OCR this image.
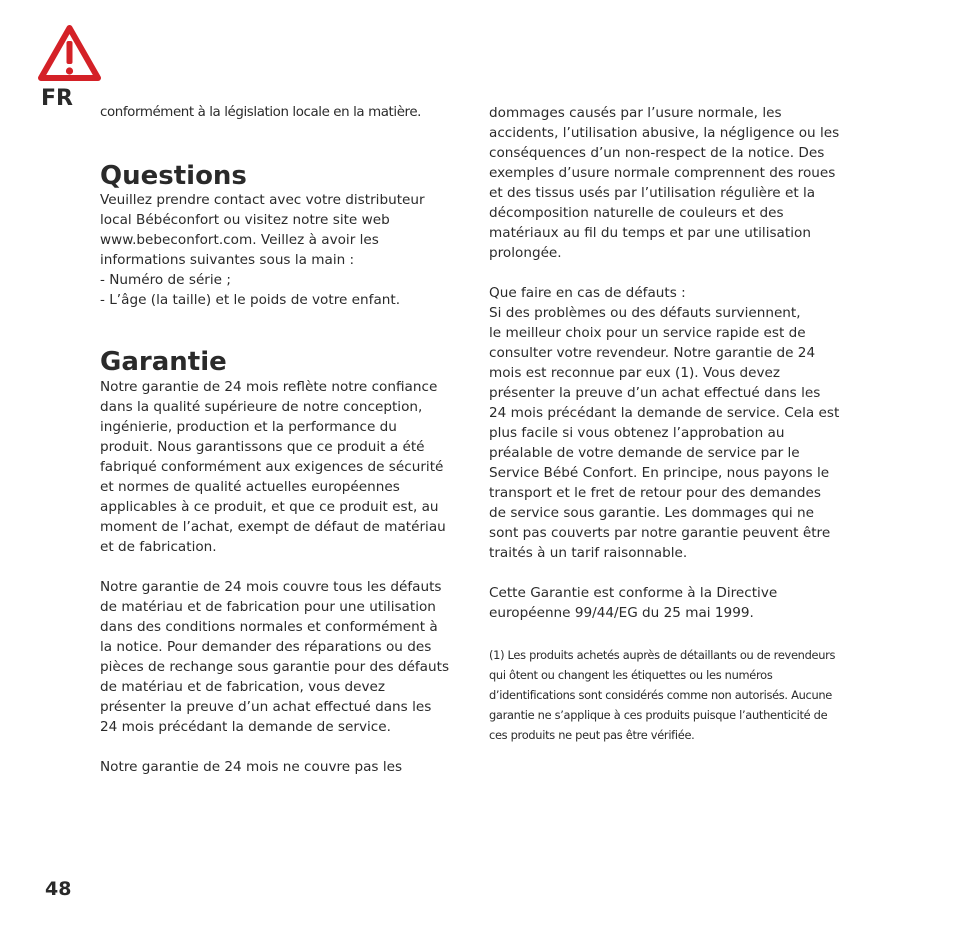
FR
conformément à la législation locale en la matière.
Questions
Veuillez prendre contact avec votre distributeur
local Bébéconfort ou visitez notre site web
www.bebeconfort.com. Veillez à avoir les
informations suivantes sous la main :
- Numéro de série ;
- L’âge (la taille) et le poids de votre enfant.
Garantie
Notre garantie de 24 mois reflète notre confiance
dans la qualité supérieure de notre conception,
ingénierie, production et la performance du
produit. Nous garantissons que ce produit a été
fabriqué conformément aux exigences de sécurité
et normes de qualité actuelles européennes
applicables à ce produit, et que ce produit est, au
moment de l’achat, exempt de défaut de matériau
et de fabrication.
Notre garantie de 24 mois couvre tous les défauts
de matériau et de fabrication pour une utilisation
dans des conditions normales et conformément à
la notice. Pour demander des réparations ou des
pièces de rechange sous garantie pour des défauts
de matériau et de fabrication, vous devez
présenter la preuve d’un achat effectué dans les
24 mois précédant la demande de service.
Notre garantie de 24 mois ne couvre pas les
dommages causés par l’usure normale, les
accidents, l’utilisation abusive, la négligence ou les
conséquences d’un non-respect de la notice. Des
exemples d’usure normale comprennent des roues
et des tissus usés par l’utilisation régulière et la
décomposition naturelle de couleurs et des
matériaux au fil du temps et par une utilisation
prolongée.
Que faire en cas de défauts :
Si des problèmes ou des défauts surviennent,
le meilleur choix pour un service rapide est de
consulter votre revendeur. Notre garantie de 24
mois est reconnue par eux (1). Vous devez
présenter la preuve d’un achat effectué dans les
24 mois précédant la demande de service. Cela est
plus facile si vous obtenez l’approbation au
préalable de votre demande de service par le
Service Bébé Confort. En principe, nous payons le
transport et le fret de retour pour des demandes
de service sous garantie. Les dommages qui ne
sont pas couverts par notre garantie peuvent être
traités à un tarif raisonnable.
Cette Garantie est conforme à la Directive
européenne 99/44/EG du 25 mai 1999.
(1) Les produits achetés auprès de détaillants ou de revendeurs
qui ôtent ou changent les étiquettes ou les numéros
d’identifications sont considérés comme non autorisés. Aucune
garantie ne s’applique à ces produits puisque l’authenticité de
ces produits ne peut pas être vérifiée.
48
